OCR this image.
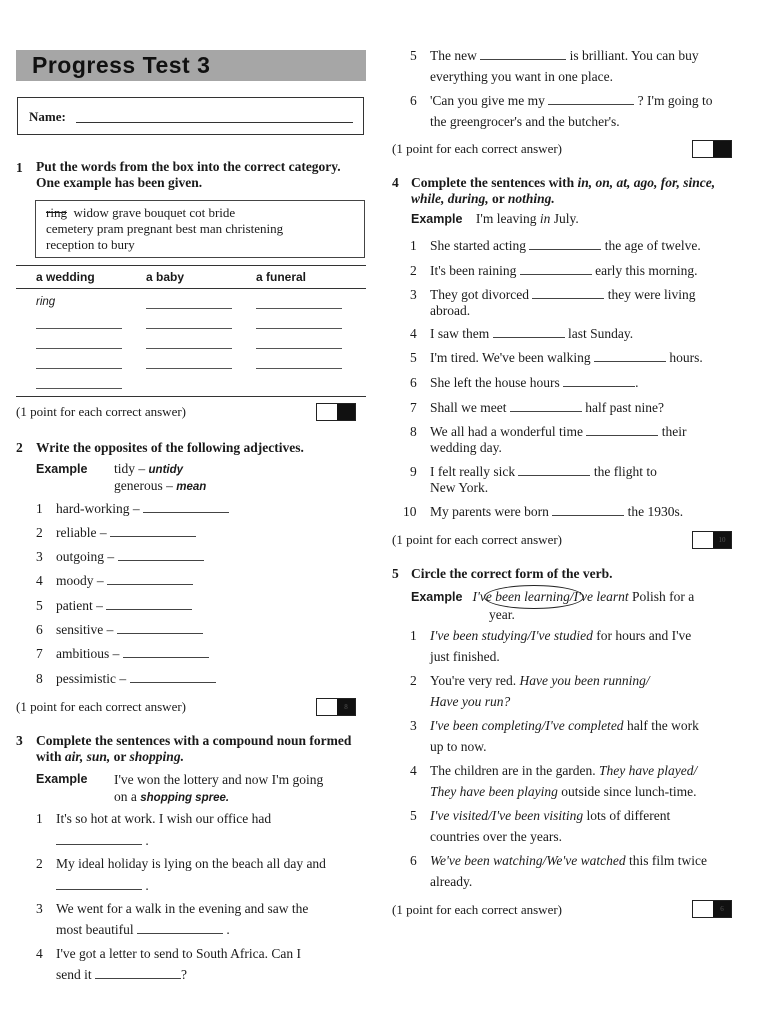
Progress Test 3
Name:
1 Put the words from the box into the correct category.
One example has been given.
ring widow grave bouquet cot bride
cemetery pram pregnant best man christening
reception to bury
a wedding	a baby	a funeral
ring
(1 point for each correct answer)
2 Write the opposites of the following adjectives.
Example tidy – untidy
generous – mean
1 hard-working –
2 reliable –
3 outgoing –
4 moody –
5 patient –
6 sensitive –
7 ambitious –
8 pessimistic –
(1 point for each correct answer)	8
3 Complete the sentences with a compound noun formed
with air, sun, or shopping.
Example I've won the lottery and now I'm going
on a shopping spree.
1 It's so hot at work. I wish our office had
.
2 My ideal holiday is lying on the beach all day and
.
3 We went for a walk in the evening and saw the
most beautiful	.
4 I've got a letter to send to South Africa. Can I
send it	?
5 The new	is brilliant. You can buy
everything you want in one place.
6 'Can you give me my	? I'm going to
the greengrocer's and the butcher's.
(1 point for each correct answer)
4 Complete the sentences with in, on, at, ago, for, since,
while, during, or nothing.
Example I'm leaving in July.
1 She started acting	the age of twelve.
2 It's been raining	early this morning.
3 They got divorced	they were living
abroad.
4 I saw them	last Sunday.
5 I'm tired. We've been walking	hours.
6 She left the house hours	.
7 Shall we meet	half past nine?
8 We all had a wonderful time	their
wedding day.
9 I felt really sick	the flight to
New York.
10 My parents were born	the 1930s.
(1 point for each correct answer)	10
5 Circle the correct form of the verb.
Example I've been learning/I've learnt Polish for a
year.
1 I've been studying/I've studied for hours and I've
just finished.
2 You're very red. Have you been running/
Have you run?
3 I've been completing/I've completed half the work
up to now.
4 The children are in the garden. They have played/
They have been playing outside since lunch-time.
5 I've visited/I've been visiting lots of different
countries over the years.
6 We've been watching/We've watched this film twice
already.
(1 point for each correct answer)	6
